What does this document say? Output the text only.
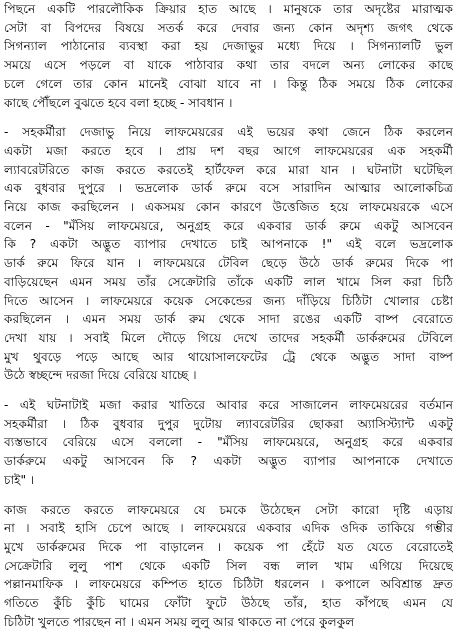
পিছনে একটি পারলৌকিক ক্রিয়ার হাত আছে । মানুষকে তার অদৃষ্টের মারাত্মক
সেটা বা বিপদের বিষয়ে সতর্ক করে দেবার জন্য কোন অদৃশ্য জগৎ থেকে
সিগন্যাল পাঠানোর ব্যবস্থা করা হয় দেজাভুর মধ্যে দিয়ে । সিগন্যালটি ভুল
সময়ে এসে পড়লে বা যাকে পাঠাবার কথা তার বদলে অন্য লোকের কাছে
চলে গেলে তার কোন মানেই বোঝা যাবে না । কিন্তু ঠিক সময়ে ঠিক লোকের
কাছে পৌঁছলে বুঝতে হবে বলা হচ্ছে - সাবধান ।
- সহকর্মীরা দেজাভু নিয়ে লাফমেয়রের এই ভয়ের কথা জেনে ঠিক করলেন
একটা মজা করতে হবে । প্রায় দশ বছর আগে লাফমেয়রের এক সহকর্মী
ল্যাবরেটরিতে কাজ করতে করতেই হার্টফেল করে মারা যান । ঘটনাটা ঘটেছিল
এক বুধবার দুপুরে । ভদ্রলোক ডার্ক রুমে বসে সারাদিন আত্মার আলোকচিত্র
নিয়ে কাজ করছিলেন । একসময় কোন কারণে উত্তেজিত হয়ে লাফমেয়রকে এসে
বলেন - "মঁসিয় লাফমেয়রে, অনুগ্রহ করে একবার ডার্ক রুমে একটু আসবেন
কি ? একটা অদ্ভুত ব্যাপার দেখাতে চাই আপনাকে !" এই বলে ভদ্রলোক
ডার্ক রুমে ফিরে যান । লাফমেয়রে টেবিল ছেড়ে উঠে ডার্ক রুমের দিকে পা
বাড়িয়েছেন এমন সময় তাঁর সেক্রেটারি তাঁকে একটি লাল খামে সিল করা চিঠি
দিতে আসেন । লাফমেয়রে কয়েক সেকেন্ডের জন্য দাঁড়িয়ে চিঠিটা খোলার চেষ্টা
করছিলেন । এমন সময় ডার্ক রুম থেকে সাদা রঙের একটি বাষ্প বেরোতে
দেখা যায় । সবাই মিলে দৌড়ে গিয়ে দেখে তাদের সহকর্মী ডার্করুমের টেবিলে
মুখ থুবড়ে পড়ে আছে আর থায়োসালফেটের ট্রে থেকে অদ্ভুত সাদা বাষ্প
উঠে স্বচ্ছন্দে দরজা দিয়ে বেরিয়ে যাচ্ছে ।
- এই ঘটনাটাই মজা করার খাতিরে আবার করে সাজালেন লাফমেয়রের বর্তমান
সহকর্মীরা । ঠিক বুধবার দুপুর দুটোয় ল্যাবরেটরির ছোকরা অ্যাসিস্ট্যান্ট একটু
ব্যস্তভাবে বেরিয়ে এসে বললো - "মঁসিয় লাফমেয়রে, অনুগ্রহ করে একবার
ডার্করুমে একটু আসবেন কি ? একটা অদ্ভুত ব্যাপার আপনাকে দেখাতে
চাই" ।
কাজ করতে করতে লাফমেয়রে যে চমকে উঠেছেন সেটা কারো দৃষ্টি এড়ায়
না । সবাই হাসি চেপে আছে । লাফমেয়রে একবার এদিক ওদিক তাকিয়ে গম্ভীর
মুখে ডার্করুমের দিকে পা বাড়ালেন । কয়েক পা হেঁটে যত যেতে বেরোতেই
সেক্রেটারি লুলু পাশ থেকে একটি সিল বন্ধ লাল খাম এগিয়ে দিয়েছে
পল্লানমাফিক । লাফমেয়রে কম্পিত হাতে চিঠিটা ধরলেন । কপালে অবিশ্রান্ত দ্রুত
গতিতে কুঁচি কুঁচি ঘামের ফোঁটা ফুটে উঠছে তাঁর, হাত কাঁপছে এমন যে
চিঠিটা খুলতে পারছেন না । এমন সময় লুলু আর থাকতে না পেরে কুলকুল
